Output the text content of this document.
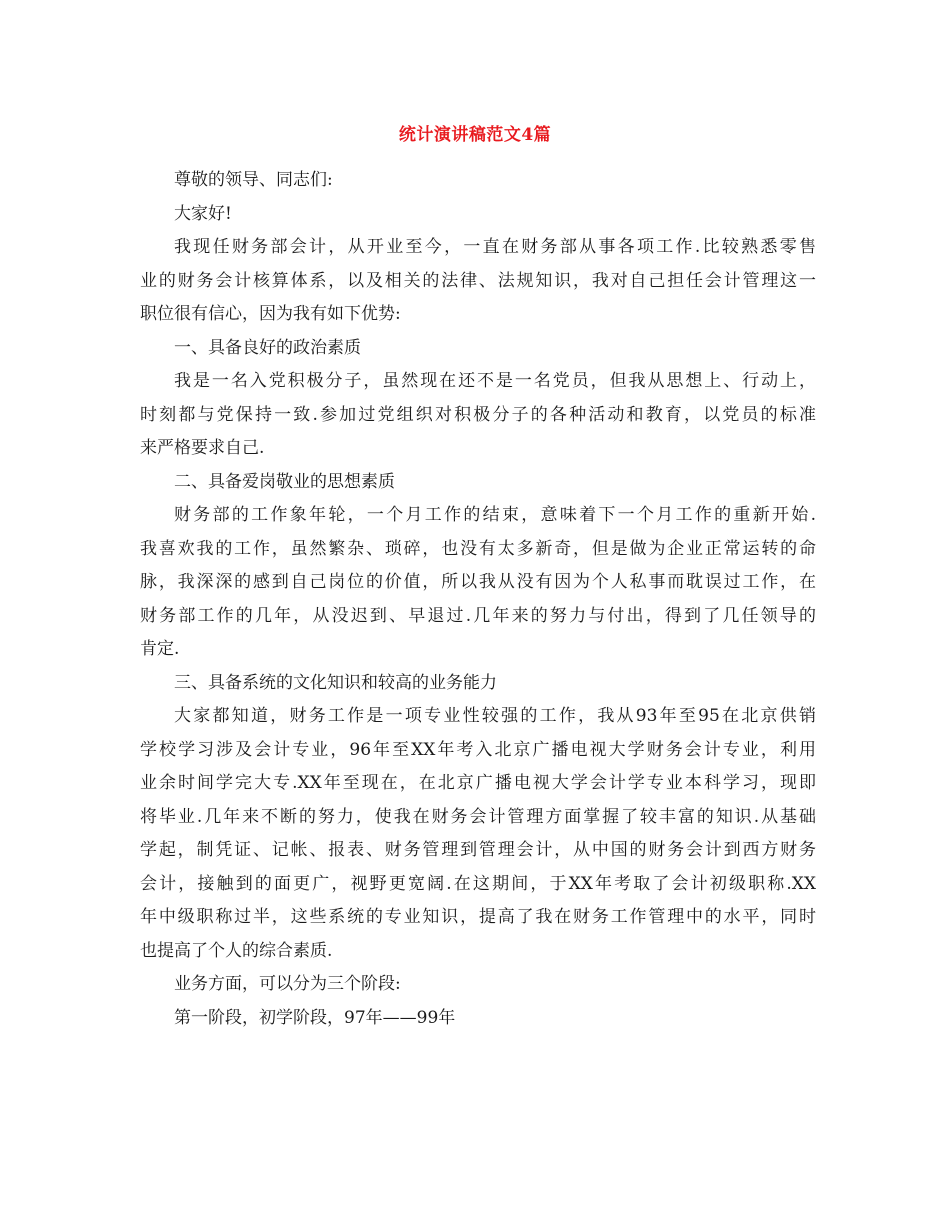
统计演讲稿范文4篇
尊敬的领导、同志们:
大家好!
我现任财务部会计，从开业至今，一直在财务部从事各项工作.比较熟悉零售
业的财务会计核算体系，以及相关的法律、法规知识，我对自己担任会计管理这一
职位很有信心，因为我有如下优势:
一、具备良好的政治素质
我是一名入党积极分子，虽然现在还不是一名党员，但我从思想上、行动上，
时刻都与党保持一致.参加过党组织对积极分子的各种活动和教育，以党员的标准
来严格要求自己.
二、具备爱岗敬业的思想素质
财务部的工作象年轮，一个月工作的结束，意味着下一个月工作的重新开始.
我喜欢我的工作，虽然繁杂、琐碎，也没有太多新奇，但是做为企业正常运转的命
脉，我深深的感到自己岗位的价值，所以我从没有因为个人私事而耽误过工作，在
财务部工作的几年，从没迟到、早退过.几年来的努力与付出，得到了几任领导的
肯定.
三、具备系统的文化知识和较高的业务能力
大家都知道，财务工作是一项专业性较强的工作，我从93年至95在北京供销
学校学习涉及会计专业，96年至XX年考入北京广播电视大学财务会计专业，利用
业余时间学完大专.XX年至现在，在北京广播电视大学会计学专业本科学习，现即
将毕业.几年来不断的努力，使我在财务会计管理方面掌握了较丰富的知识.从基础
学起，制凭证、记帐、报表、财务管理到管理会计，从中国的财务会计到西方财务
会计，接触到的面更广，视野更宽阔.在这期间，于XX年考取了会计初级职称.XX
年中级职称过半，这些系统的专业知识，提高了我在财务工作管理中的水平，同时
也提高了个人的综合素质.
业务方面，可以分为三个阶段:
第一阶段，初学阶段，97年——99年
